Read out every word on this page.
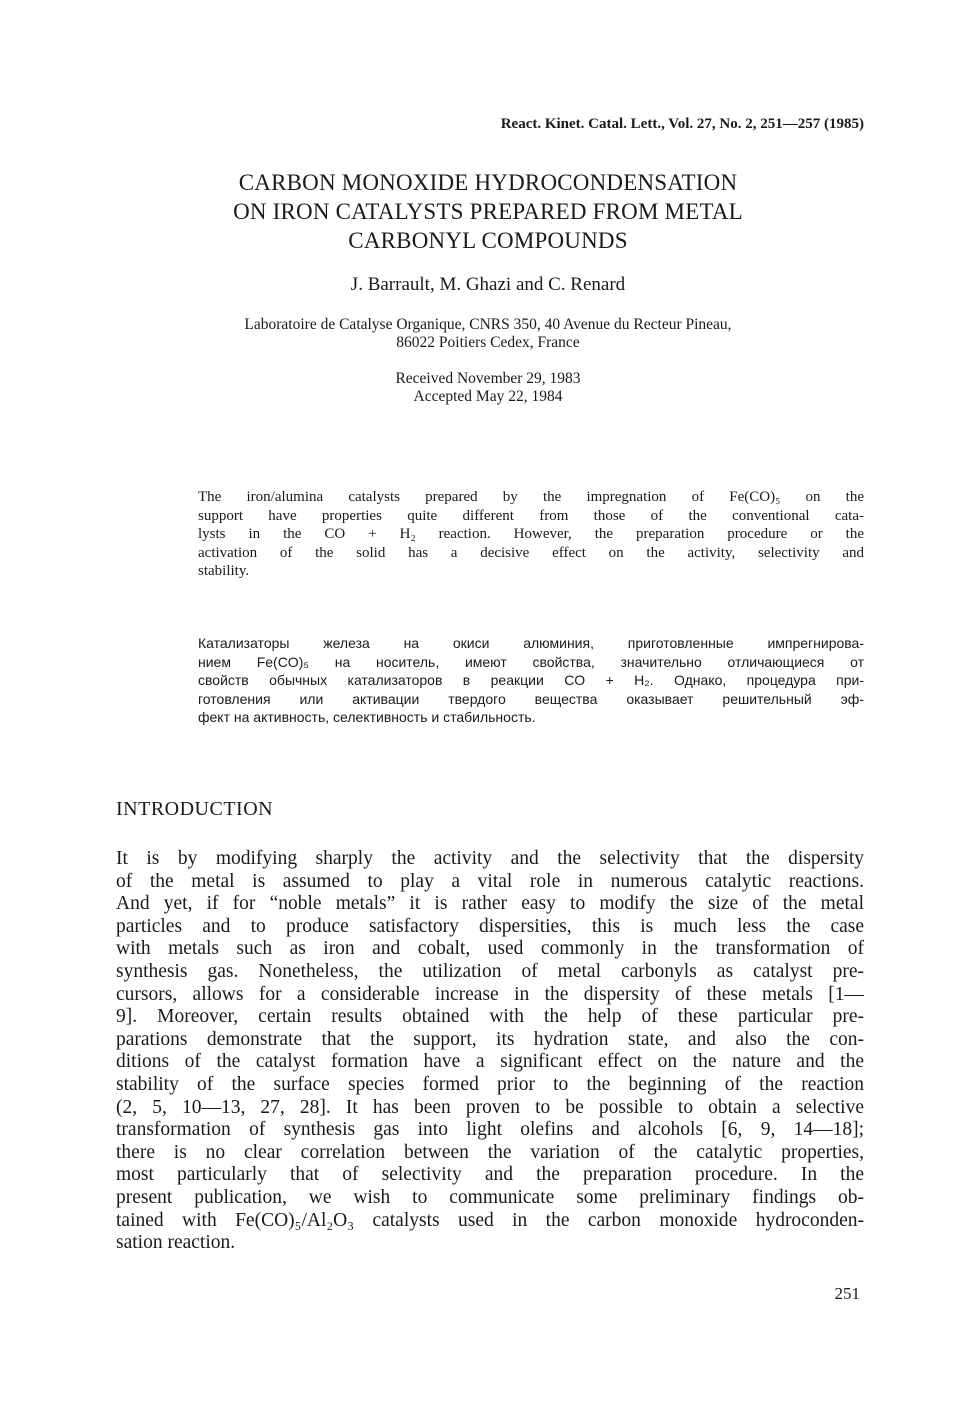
React. Kinet. Catal. Lett., Vol. 27, No. 2, 251—257 (1985)
CARBON MONOXIDE HYDROCONDENSATION
ON IRON CATALYSTS PREPARED FROM METAL
CARBONYL COMPOUNDS
J. Barrault, M. Ghazi and C. Renard
Laboratoire de Catalyse Organique, CNRS 350, 40 Avenue du Recteur Pineau,
86022 Poitiers Cedex, France
Received November 29, 1983
Accepted May 22, 1984
The iron/alumina catalysts prepared by the impregnation of Fe(CO)₅ on the
support have properties quite different from those of the conventional cata-
lysts in the CO + H₂ reaction. However, the preparation procedure or the
activation of the solid has a decisive effect on the activity, selectivity and
stability.
Катализаторы железа на окиси алюминия, приготовленные импрегнирова-
нием Fe(CO)₅ на носитель, имеют свойства, значительно отличающиеся от
свойств обычных катализаторов в реакции CO + H₂. Однако, процедура при-
готовления или активации твердого вещества оказывает решительный эф-
фект на активность, селективность и стабильность.
INTRODUCTION
It is by modifying sharply the activity and the selectivity that the dispersity
of the metal is assumed to play a vital role in numerous catalytic reactions.
And yet, if for “noble metals” it is rather easy to modify the size of the metal
particles and to produce satisfactory dispersities, this is much less the case
with metals such as iron and cobalt, used commonly in the transformation of
synthesis gas. Nonetheless, the utilization of metal carbonyls as catalyst pre-
cursors, allows for a considerable increase in the dispersity of these metals [1—
9]. Moreover, certain results obtained with the help of these particular pre-
parations demonstrate that the support, its hydration state, and also the con-
ditions of the catalyst formation have a significant effect on the nature and the
stability of the surface species formed prior to the beginning of the reaction
(2, 5, 10—13, 27, 28]. It has been proven to be possible to obtain a selective
transformation of synthesis gas into light olefins and alcohols [6, 9, 14—18];
there is no clear correlation between the variation of the catalytic properties,
most particularly that of selectivity and the preparation procedure. In the
present publication, we wish to communicate some preliminary findings ob-
tained with Fe(CO)₅/Al₂O₃ catalysts used in the carbon monoxide hydroconden-
sation reaction.
251
